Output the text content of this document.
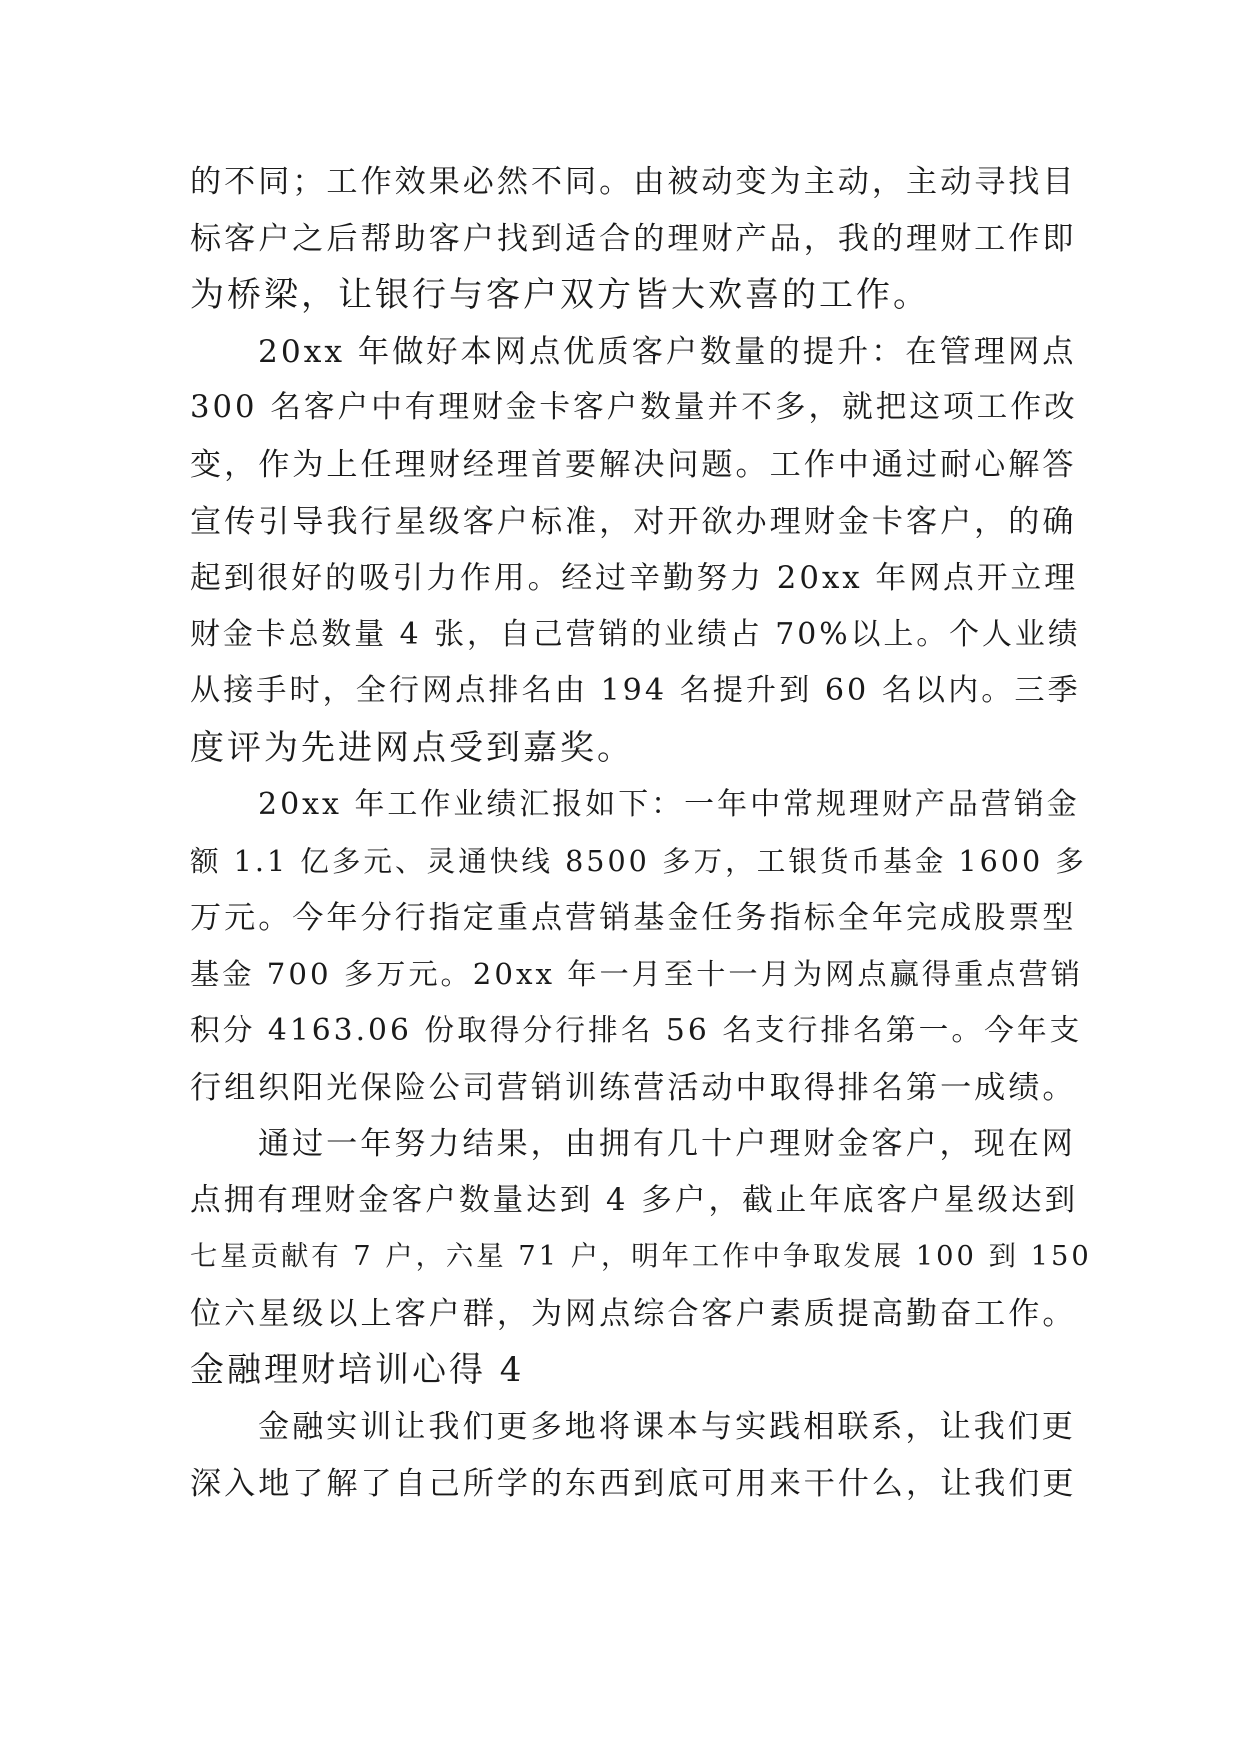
的不同；工作效果必然不同。由被动变为主动，主动寻找目
标客户之后帮助客户找到适合的理财产品，我的理财工作即
为桥梁，让银行与客户双方皆大欢喜的工作。
20xx 年做好本网点优质客户数量的提升：在管理网点
300 名客户中有理财金卡客户数量并不多，就把这项工作改
变，作为上任理财经理首要解决问题。工作中通过耐心解答
宣传引导我行星级客户标准，对开欲办理财金卡客户，的确
起到很好的吸引力作用。经过辛勤努力 20xx 年网点开立理
财金卡总数量 4 张，自己营销的业绩占 70%以上。个人业绩
从接手时，全行网点排名由 194 名提升到 60 名以内。三季
度评为先进网点受到嘉奖。
20xx 年工作业绩汇报如下：一年中常规理财产品营销金
额 1.1 亿多元、灵通快线 8500 多万，工银货币基金 1600 多
万元。今年分行指定重点营销基金任务指标全年完成股票型
基金 700 多万元。20xx 年一月至十一月为网点赢得重点营销
积分 4163.06 份取得分行排名 56 名支行排名第一。今年支
行组织阳光保险公司营销训练营活动中取得排名第一成绩。
通过一年努力结果，由拥有几十户理财金客户，现在网
点拥有理财金客户数量达到 4 多户，截止年底客户星级达到
七星贡献有 7 户，六星 71 户，明年工作中争取发展 100 到 150
位六星级以上客户群，为网点综合客户素质提高勤奋工作。
金融理财培训心得 4
金融实训让我们更多地将课本与实践相联系，让我们更
深入地了解了自己所学的东西到底可用来干什么，让我们更
